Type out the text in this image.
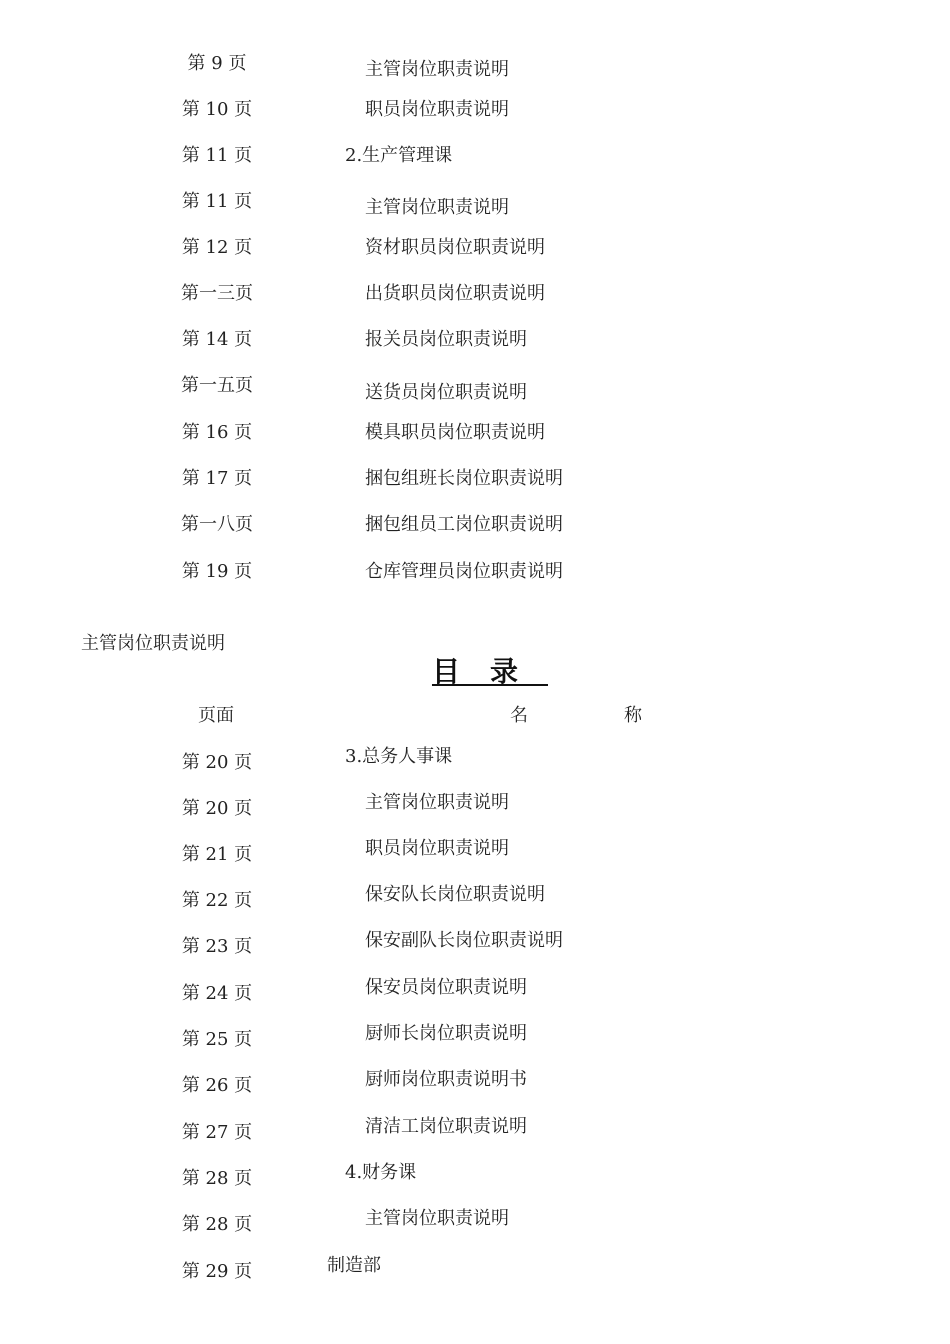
第 9 页	主管岗位职责说明
第 10 页	职员岗位职责说明
第 11 页	2.生产管理课
第 11 页	主管岗位职责说明
第 12 页	资材职员岗位职责说明
第一三页	出货职员岗位职责说明
第 14 页	报关员岗位职责说明
第一五页	送货员岗位职责说明
第 16 页	模具职员岗位职责说明
第 17 页	捆包组班长岗位职责说明
第一八页	捆包组员工岗位职责说明
第 19 页	仓库管理员岗位职责说明
主管岗位职责说明
目录
页面	名	称
第 20 页	3.总务人事课
第 20 页	主管岗位职责说明
第 21 页	职员岗位职责说明
第 22 页	保安队长岗位职责说明
第 23 页	保安副队长岗位职责说明
第 24 页	保安员岗位职责说明
第 25 页	厨师长岗位职责说明
第 26 页	厨师岗位职责说明书
第 27 页	清洁工岗位职责说明
第 28 页	4.财务课
第 28 页	主管岗位职责说明
第 29 页	制造部
